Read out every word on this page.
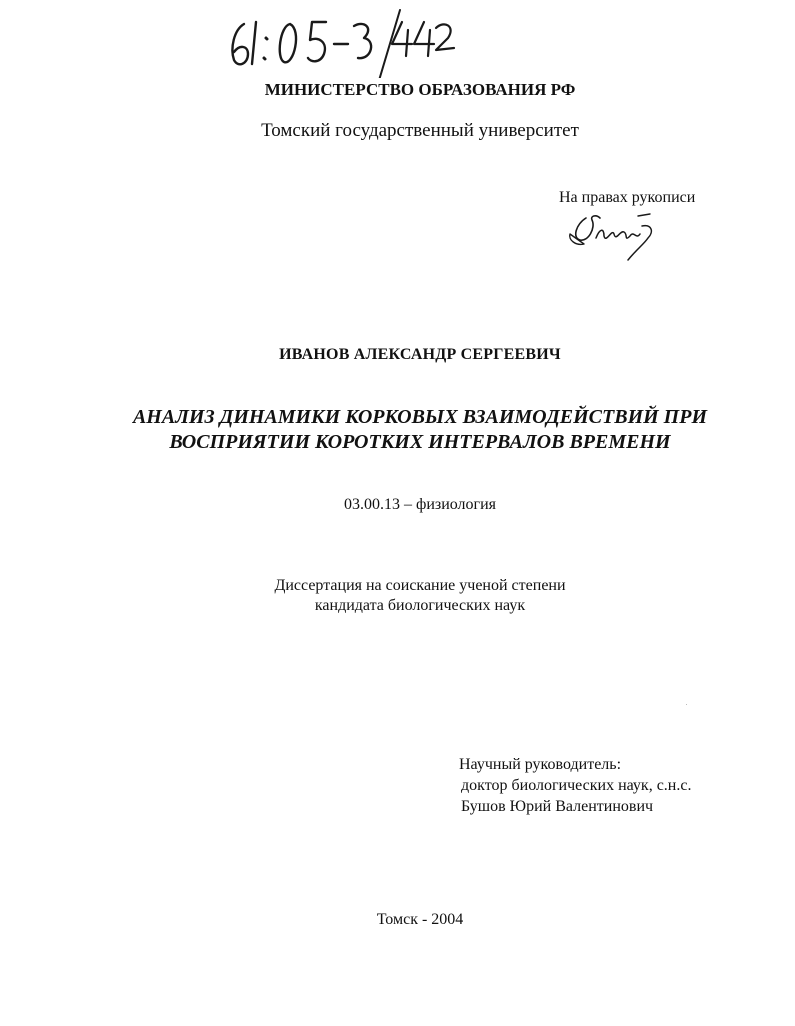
МИНИСТЕРСТВО ОБРАЗОВАНИЯ РФ
Томский государственный университет
На правах рукописи
ИВАНОВ АЛЕКСАНДР СЕРГЕЕВИЧ
АНАЛИЗ ДИНАМИКИ КОРКОВЫХ ВЗАИМОДЕЙСТВИЙ ПРИ
ВОСПРИЯТИИ КОРОТКИХ ИНТЕРВАЛОВ ВРЕМЕНИ
03.00.13 – физиология
Диссертация на соискание ученой степени
кандидата биологических наук
Научный руководитель:
доктор биологических наук, с.н.с.
Бушов Юрий Валентинович
Томск - 2004
